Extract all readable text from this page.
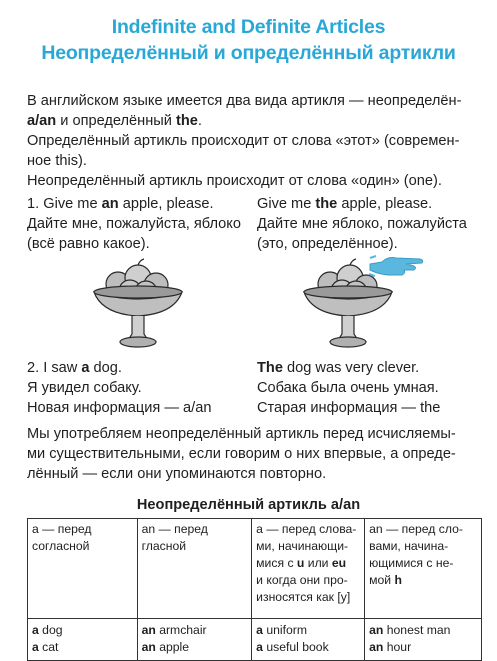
Indefinite and Definite Articles
Неопределённый и определённый артикли
В английском языке имеется два вида артикля — неопределён-
a/an и определённый the.
Определённый артикль происходит от слова «этот» (современ-
ное this).
Неопределённый артикль происходит от слова «один» (one).
1. Give me an apple, please.
Дайте мне, пожалуйста, яблоко
(всё равно какое).
Give me the apple, please.
Дайте мне яблоко, пожалуйста
(это, определённое).
2. I saw a dog.
Я увидел собаку.
Новая информация — a/an
The dog was very clever.
Собака была очень умная.
Старая информация — the
Мы употребляем неопределённый артикль перед исчисляемы-
ми существительными, если говорим о них впервые, а опреде-
лённый — если они упоминаются повторно.
Неопределённый артикль a/an
a — перед
согласной	an — перед
гласной	a — перед слова-
ми, начинающи-
мися с u или eu
и когда они про-
износятся как [y]	an — перед сло-
вами, начина-
ющимися с не-
мой h

a dog
a cat	an armchair
an apple	a uniform
a useful book	an honest man
an hour
